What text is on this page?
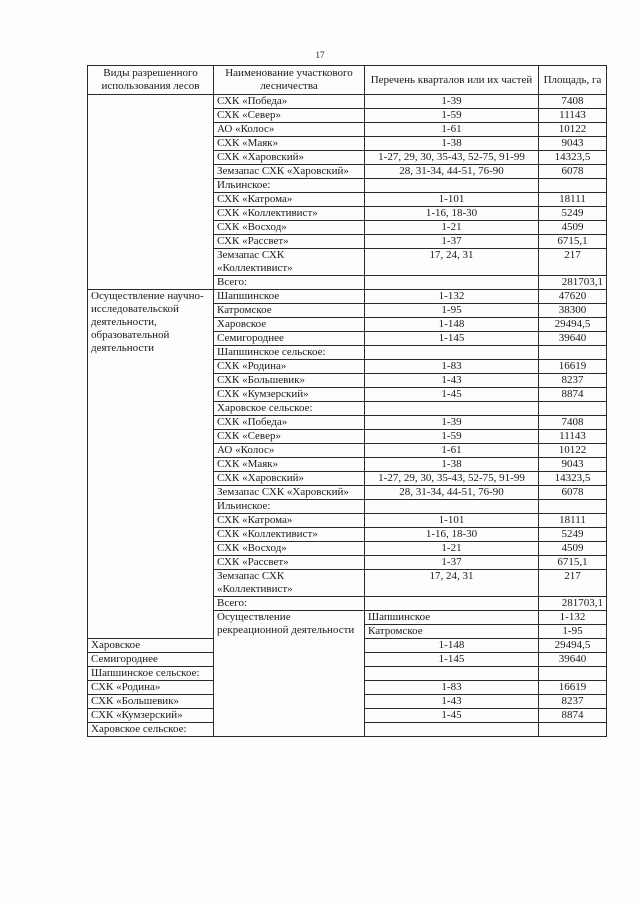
17
Виды разрешенного использования лесов	Наименование участкового лесничества	Перечень кварталов или их частей	Площадь, га	
	СХК «Победа»	1-39	7408	
	СХК «Север»	1-59	11143	
	АО «Колос»	1-61	10122	
	СХК «Маяк»	1-38	9043	
	СХК «Харовский»	1-27, 29, 30, 35-43, 52-75, 91-99	14323,5	
	Земзапас СХК «Харовский»	28, 31-34, 44-51, 76-90	6078	
	Ильинское:			
	СХК «Катрома»	1-101	18111	
	СХК «Коллективист»	1-16, 18-30	5249	
	СХК «Восход»	1-21	4509	
	СХК «Рассвет»	1-37	6715,1	
	Земзапас СХК «Коллективист»	17, 24, 31	217	
	Всего:		281703,1	
Осуществление научно-исследовательской деятельности, образовательной деятельности	Шапшинское	1-132	47620	
	Катромское	1-95	38300	
	Харовское	1-148	29494,5	
	Семигороднее	1-145	39640	
	Шапшинское сельское:			
	СХК «Родина»	1-83	16619	
	СХК «Большевик»	1-43	8237	
	СХК «Кумзерский»	1-45	8874	
	Харовское сельское:			
	СХК «Победа»	1-39	7408	
	СХК «Север»	1-59	11143	
	АО «Колос»	1-61	10122	
	СХК «Маяк»	1-38	9043	
	СХК «Харовский»	1-27, 29, 30, 35-43, 52-75, 91-99	14323,5	
	Земзапас СХК «Харовский»	28, 31-34, 44-51, 76-90	6078	
	Ильинское:			
	СХК «Катрома»	1-101	18111	
	СХК «Коллективист»	1-16, 18-30	5249	
	СХК «Восход»	1-21	4509	
	СХК «Рассвет»	1-37	6715,1	
	Земзапас СХК «Коллективист»	17, 24, 31	217	
	Всего:		281703,1	
	Осуществление рекреационной деятельности	Шапшинское	1-132	
		Катромское	1-95	
Харовское		1-148	29494,5	
Семигороднее		1-145	39640	
Шапшинское сельское:				
СХК «Родина»		1-83	16619	
СХК «Большевик»		1-43	8237	
СХК «Кумзерский»		1-45	8874	
Харовское сельское:				
